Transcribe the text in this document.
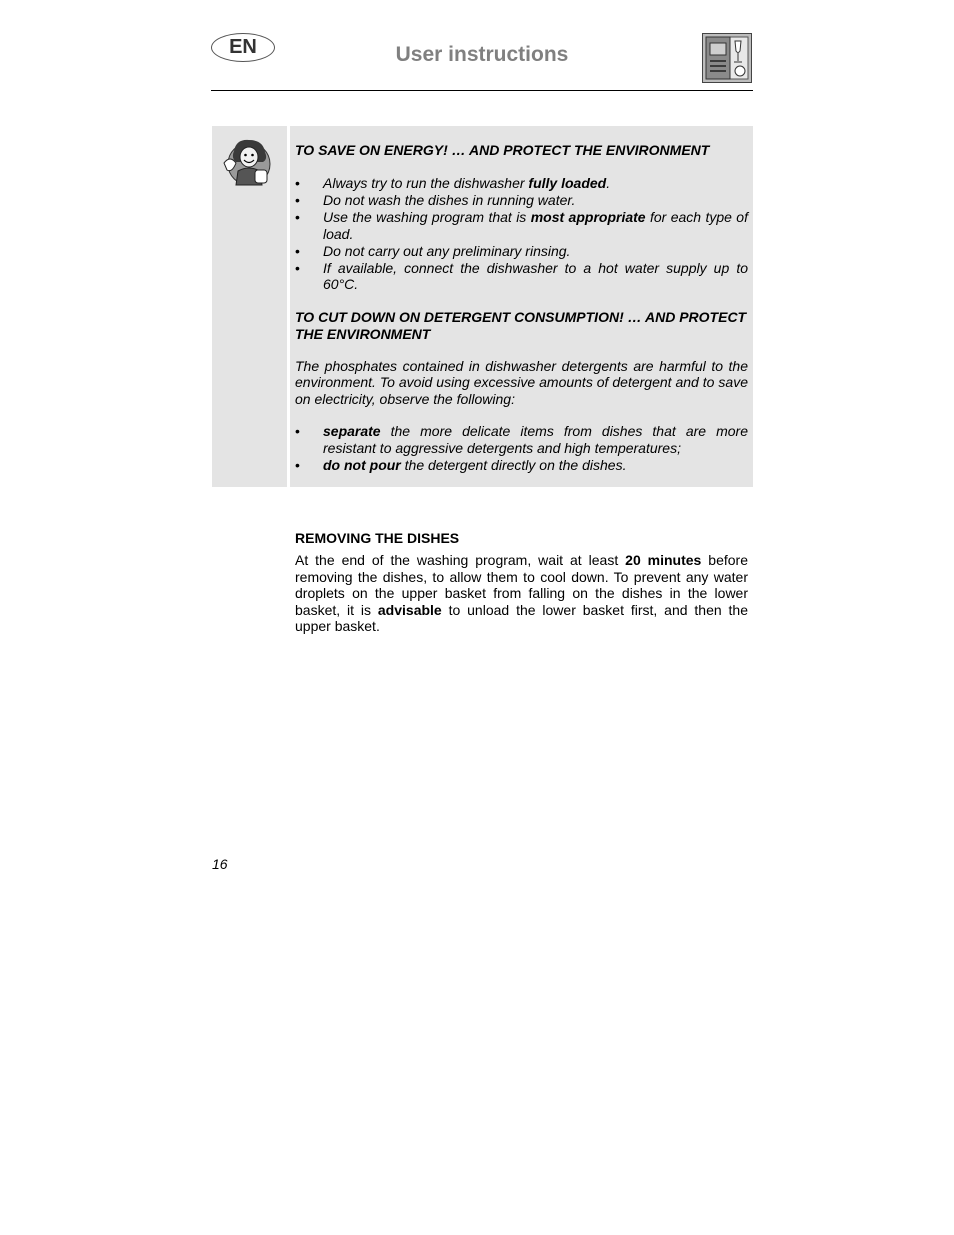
EN	User instructions

TO SAVE ON ENERGY! … AND PROTECT THE ENVIRONMENT

• Always try to run the dishwasher fully loaded.
• Do not wash the dishes in running water.
• Use the washing program that is most appropriate for each type of load.
• Do not carry out any preliminary rinsing.
• If available, connect the dishwasher to a hot water supply up to 60°C.

TO CUT DOWN ON DETERGENT CONSUMPTION! … AND PROTECT THE ENVIRONMENT

The phosphates contained in dishwasher detergents are harmful to the environment. To avoid using excessive amounts of detergent and to save on electricity, observe the following:

• separate the more delicate items from dishes that are more resistant to aggressive detergents and high temperatures;
• do not pour the detergent directly on the dishes.

REMOVING THE DISHES

At the end of the washing program, wait at least 20 minutes before removing the dishes, to allow them to cool down. To prevent any water droplets on the upper basket from falling on the dishes in the lower basket, it is advisable to unload the lower basket first, and then the upper basket.

16
